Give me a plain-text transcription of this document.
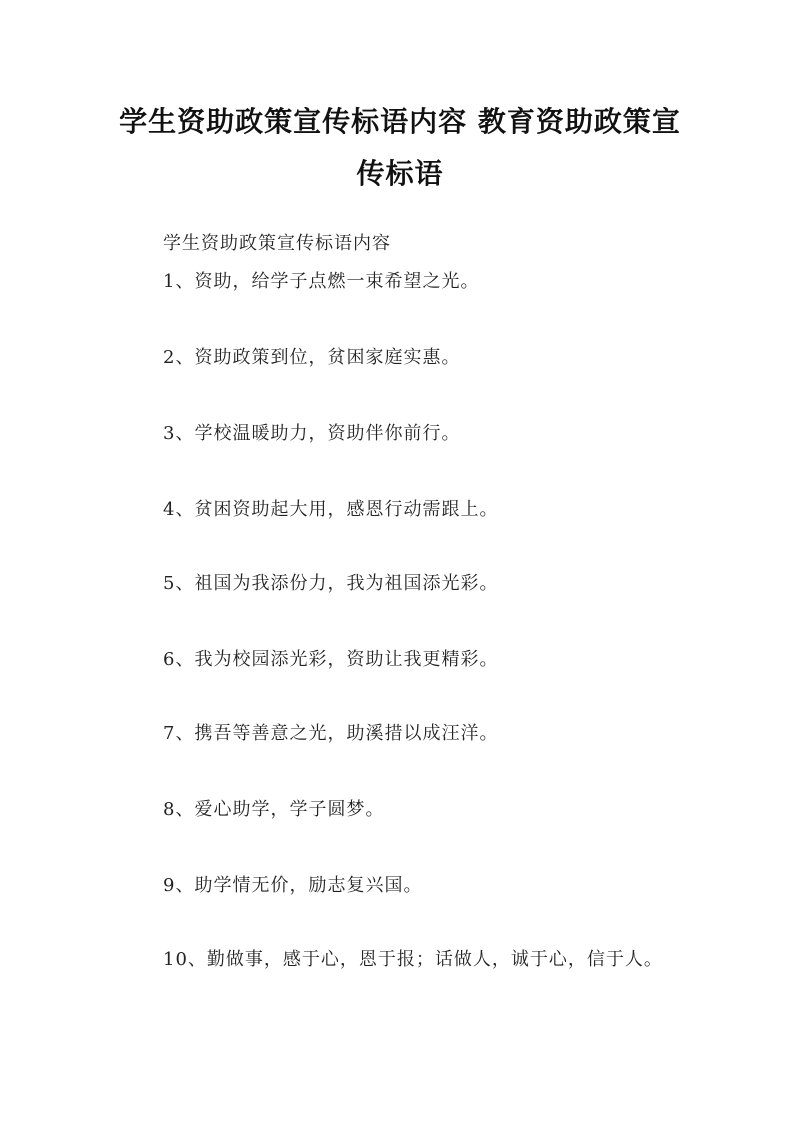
学生资助政策宣传标语内容 教育资助政策宣传标语

学生资助政策宣传标语内容

1、资助，给学子点燃一束希望之光。

2、资助政策到位，贫困家庭实惠。

3、学校温暖助力，资助伴你前行。

4、贫困资助起大用，感恩行动需跟上。

5、祖国为我添份力，我为祖国添光彩。

6、我为校园添光彩，资助让我更精彩。

7、携吾等善意之光，助溪措以成汪洋。

8、爱心助学，学子圆梦。

9、助学情无价，励志复兴国。

10、勤做事，感于心，恩于报；话做人，诚于心，信于人。
